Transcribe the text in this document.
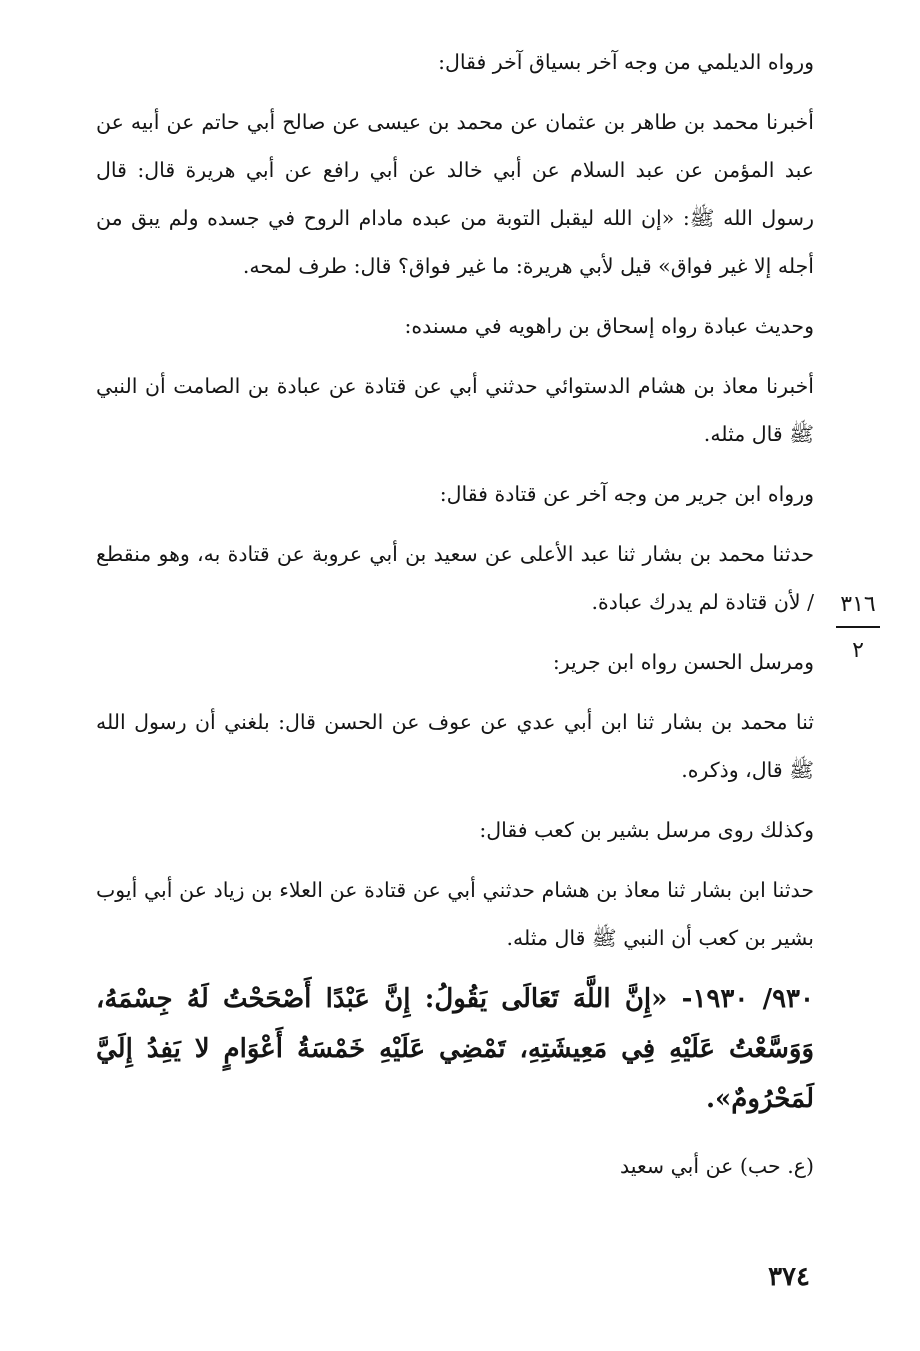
ورواه الديلمي من وجه آخر بسياق آخر فقال:

أخبرنا محمد بن طاهر بن عثمان عن محمد بن عيسى عن صالح أبي حاتم عن أبيه عن عبد المؤمن عن عبد السلام عن أبي خالد عن أبي رافع عن أبي هريرة قال: قال رسول الله ﷺ: «إن الله ليقبل التوبة من عبده مادام الروح في جسده ولم يبق من أجله إلا غير فواق» قيل لأبي هريرة: ما غير فواق؟ قال: طرف لمحه.

وحديث عبادة رواه إسحاق بن راهويه في مسنده:

أخبرنا معاذ بن هشام الدستوائي حدثني أبي عن قتادة عن عبادة بن الصامت أن النبي ﷺ قال مثله.

ورواه ابن جرير من وجه آخر عن قتادة فقال:

حدثنا محمد بن بشار ثنا عبد الأعلى عن سعيد بن أبي عروبة عن قتادة به، وهو منقطع / لأن قتادة لم يدرك عبادة.

ومرسل الحسن رواه ابن جرير:

ثنا محمد بن بشار ثنا ابن أبي عدي عن عوف عن الحسن قال: بلغني أن رسول الله ﷺ قال، وذكره.

وكذلك روى مرسل بشير بن كعب فقال:

حدثنا ابن بشار ثنا معاذ بن هشام حدثني أبي عن قتادة عن العلاء بن زياد عن أبي أيوب بشير بن كعب أن النبي ﷺ قال مثله.

٩٣٠/ ١٩٣٠- «إِنَّ اللَّهَ تَعَالَى يَقُولُ: إِنَّ عَبْدًا أَصْحَحْتُ لَهُ جِسْمَهُ، وَوَسَّعْتُ عَلَيْهِ فِي مَعِيشَتِهِ، تَمْضِي عَلَيْهِ خَمْسَةُ أَعْوَامٍ لا يَفِدُ إِلَيَّ لَمَحْرُومٌ».

(ع. حب) عن أبي سعيد

٣١٦
٢
٣٧٤
